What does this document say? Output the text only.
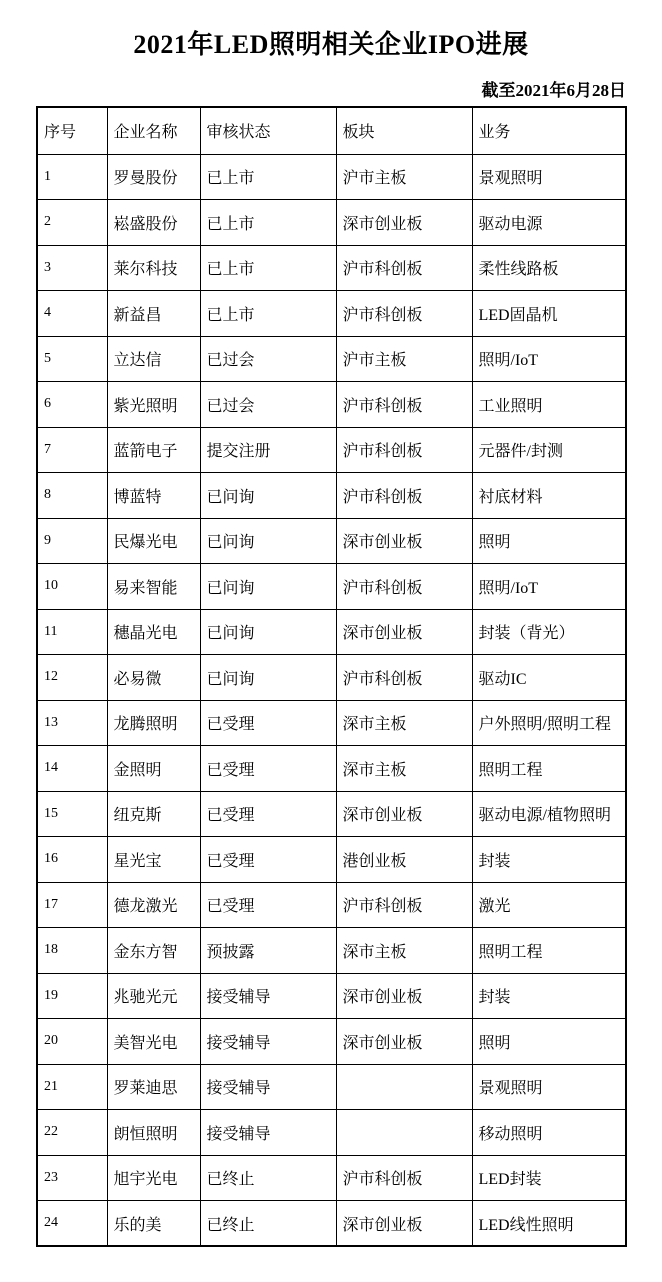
2021年LED照明相关企业IPO进展
截至2021年6月28日
序号	企业名称	审核状态	板块	业务
1	罗曼股份	已上市	沪市主板	景观照明
2	崧盛股份	已上市	深市创业板	驱动电源
3	莱尔科技	已上市	沪市科创板	柔性线路板
4	新益昌	已上市	沪市科创板	LED固晶机
5	立达信	已过会	沪市主板	照明/IoT
6	紫光照明	已过会	沪市科创板	工业照明
7	蓝箭电子	提交注册	沪市科创板	元器件/封测
8	博蓝特	已问询	沪市科创板	衬底材料
9	民爆光电	已问询	深市创业板	照明
10	易来智能	已问询	沪市科创板	照明/IoT
11	穗晶光电	已问询	深市创业板	封装（背光）
12	必易微	已问询	沪市科创板	驱动IC
13	龙腾照明	已受理	深市主板	户外照明/照明工程
14	金照明	已受理	深市主板	照明工程
15	纽克斯	已受理	深市创业板	驱动电源/植物照明
16	星光宝	已受理	港创业板	封装
17	德龙激光	已受理	沪市科创板	激光
18	金东方智	预披露	深市主板	照明工程
19	兆驰光元	接受辅导	深市创业板	封装
20	美智光电	接受辅导	深市创业板	照明
21	罗莱迪思	接受辅导		景观照明
22	朗恒照明	接受辅导		移动照明
23	旭宇光电	已终止	沪市科创板	LED封装
24	乐的美	已终止	深市创业板	LED线性照明
